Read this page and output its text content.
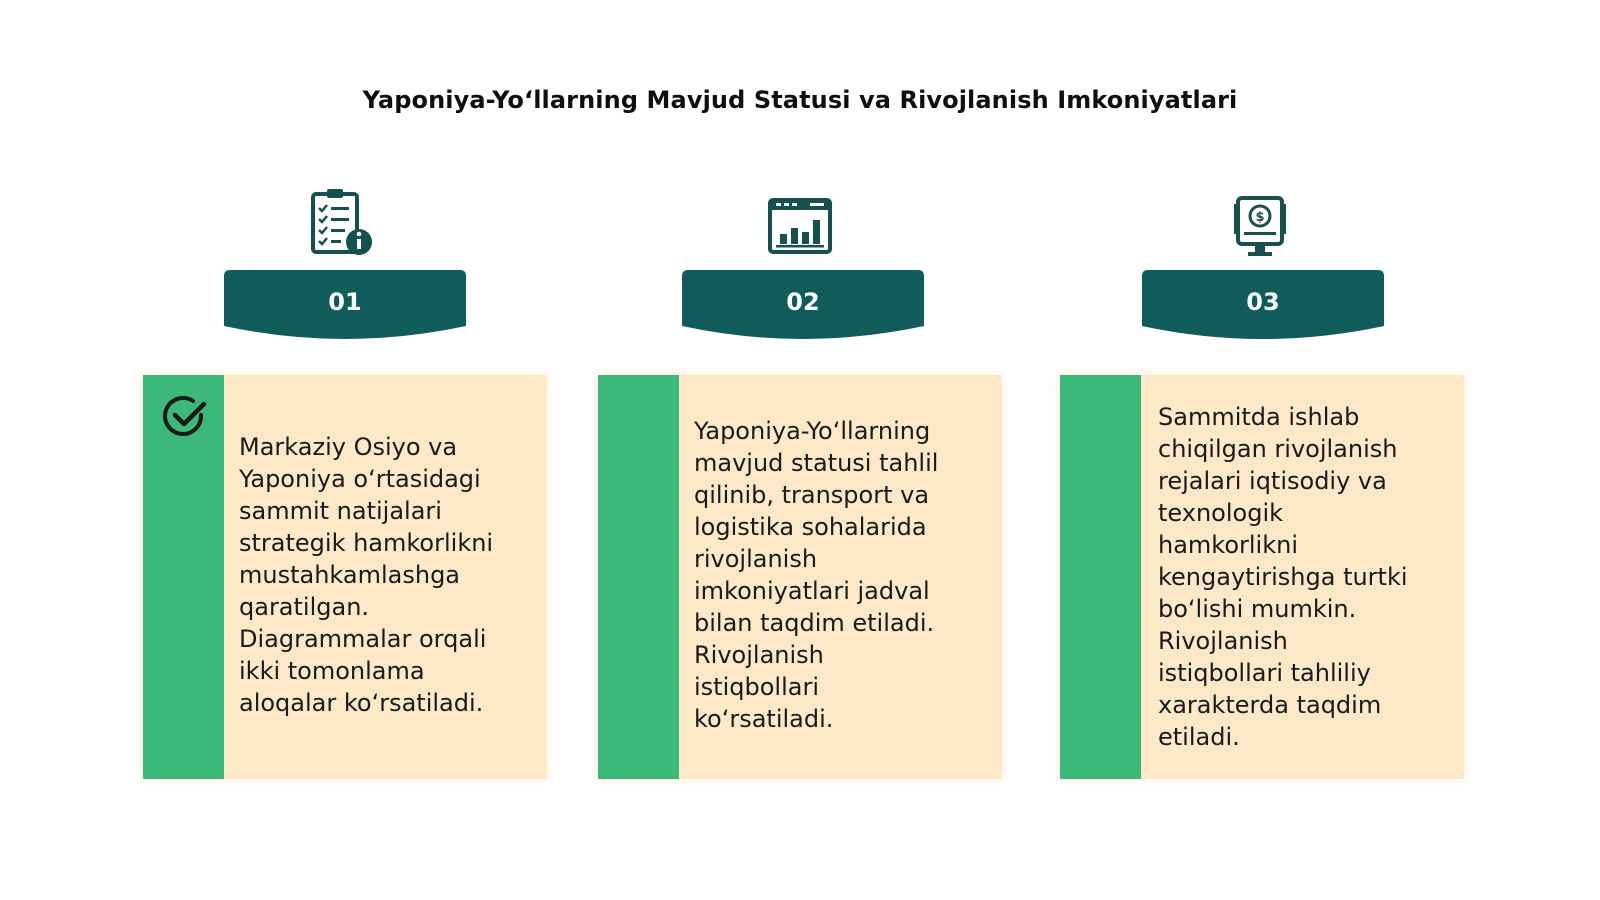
Yaponiya-Yo‘llarning Mavjud Statusi va Rivojlanish Imkoniyatlari
01
Markaziy Osiyo va
Yaponiya o‘rtasidagi
sammit natijalari
strategik hamkorlikni
mustahkamlashga
qaratilgan.
Diagrammalar orqali
ikki tomonlama
aloqalar ko‘rsatiladi.
02
Yaponiya-Yo‘llarning
mavjud statusi tahlil
qilinib, transport va
logistika sohalarida
rivojlanish
imkoniyatlari jadval
bilan taqdim etiladi.
Rivojlanish
istiqbollari
ko‘rsatiladi.
$
03
Sammitda ishlab
chiqilgan rivojlanish
rejalari iqtisodiy va
texnologik
hamkorlikni
kengaytirishga turtki
bo‘lishi mumkin.
Rivojlanish
istiqbollari tahliliy
xarakterda taqdim
etiladi.
